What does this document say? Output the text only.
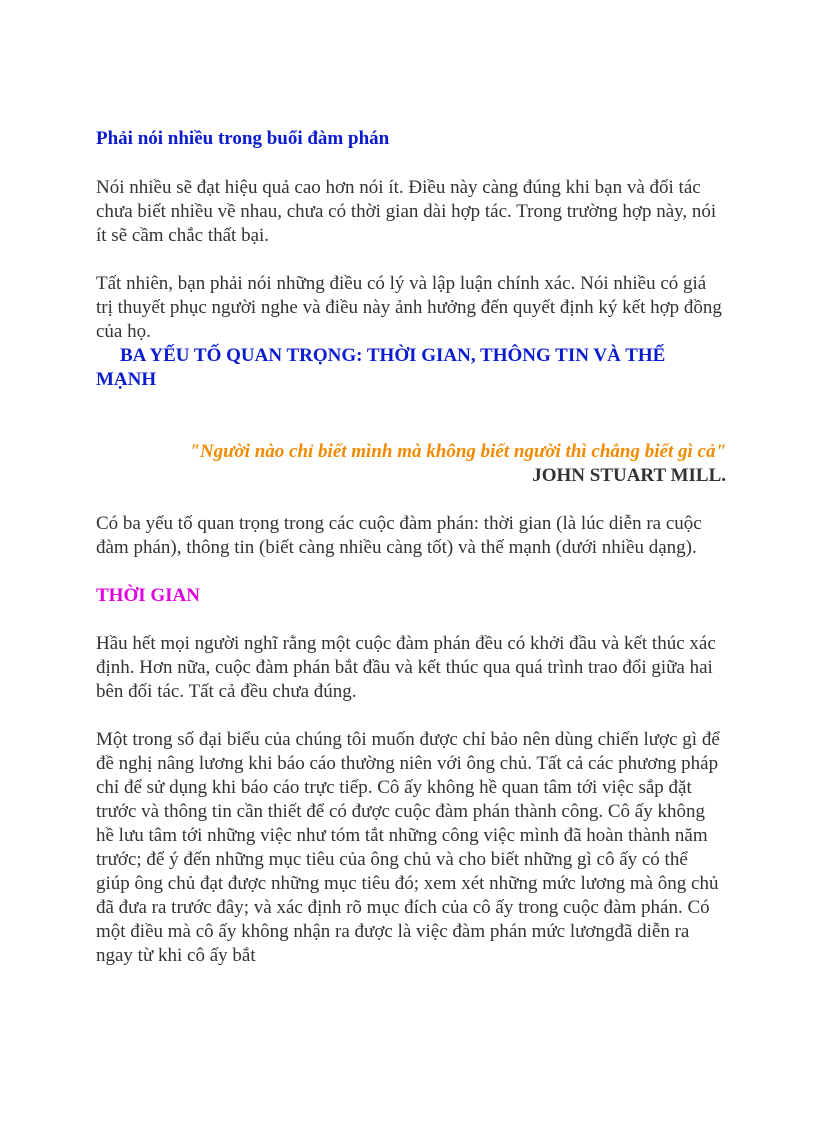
Phải nói nhiều trong buổi đàm phán

Nói nhiều sẽ đạt hiệu quả cao hơn nói ít. Điều này càng đúng khi bạn và đối tác chưa biết nhiều về nhau, chưa có thời gian dài hợp tác. Trong trường hợp này, nói ít sẽ cầm chắc thất bại.

Tất nhiên, bạn phải nói những điều có lý và lập luận chính xác. Nói nhiều có giá trị thuyết phục người nghe và điều này ảnh hưởng đến quyết định ký kết hợp đồng của họ.

BA YẾU TỐ QUAN TRỌNG: THỜI GIAN, THÔNG TIN VÀ THẾ MẠNH

"Người nào chỉ biết mình mà không biết người thì chẳng biết gì cả"

JOHN STUART MILL.

Có ba yếu tố quan trọng trong các cuộc đàm phán: thời gian (là lúc diễn ra cuộc đàm phán), thông tin (biết càng nhiều càng tốt) và thế mạnh (dưới nhiều dạng).

THỜI GIAN

Hầu hết mọi người nghĩ rằng một cuộc đàm phán đều có khởi đầu và kết thúc xác định. Hơn nữa, cuộc đàm phán bắt đầu và kết thúc qua quá trình trao đổi giữa hai bên đối tác. Tất cả đều chưa đúng.

Một trong số đại biểu của chúng tôi muốn được chỉ bảo nên dùng chiến lược gì để đề nghị nâng lương khi báo cáo thường niên với ông chủ. Tất cả các phương pháp chỉ để sử dụng khi báo cáo trực tiếp. Cô ấy không hề quan tâm tới việc sắp đặt trước và thông tin cần thiết để có được cuộc đàm phán thành công. Cô ấy không hề lưu tâm tới những việc như tóm tắt những công việc mình đã hoàn thành năm trước; để ý đến những mục tiêu của ông chủ và cho biết những gì cô ấy có thể giúp ông chủ đạt được những mục tiêu đó; xem xét những mức lương mà ông chủ đã đưa ra trước đây; và xác định rõ mục đích của cô ấy trong cuộc đàm phán. Có một điều mà cô ấy không nhận ra được là việc đàm phán mức lươngđã diễn ra ngay từ khi cô ấy bắt
